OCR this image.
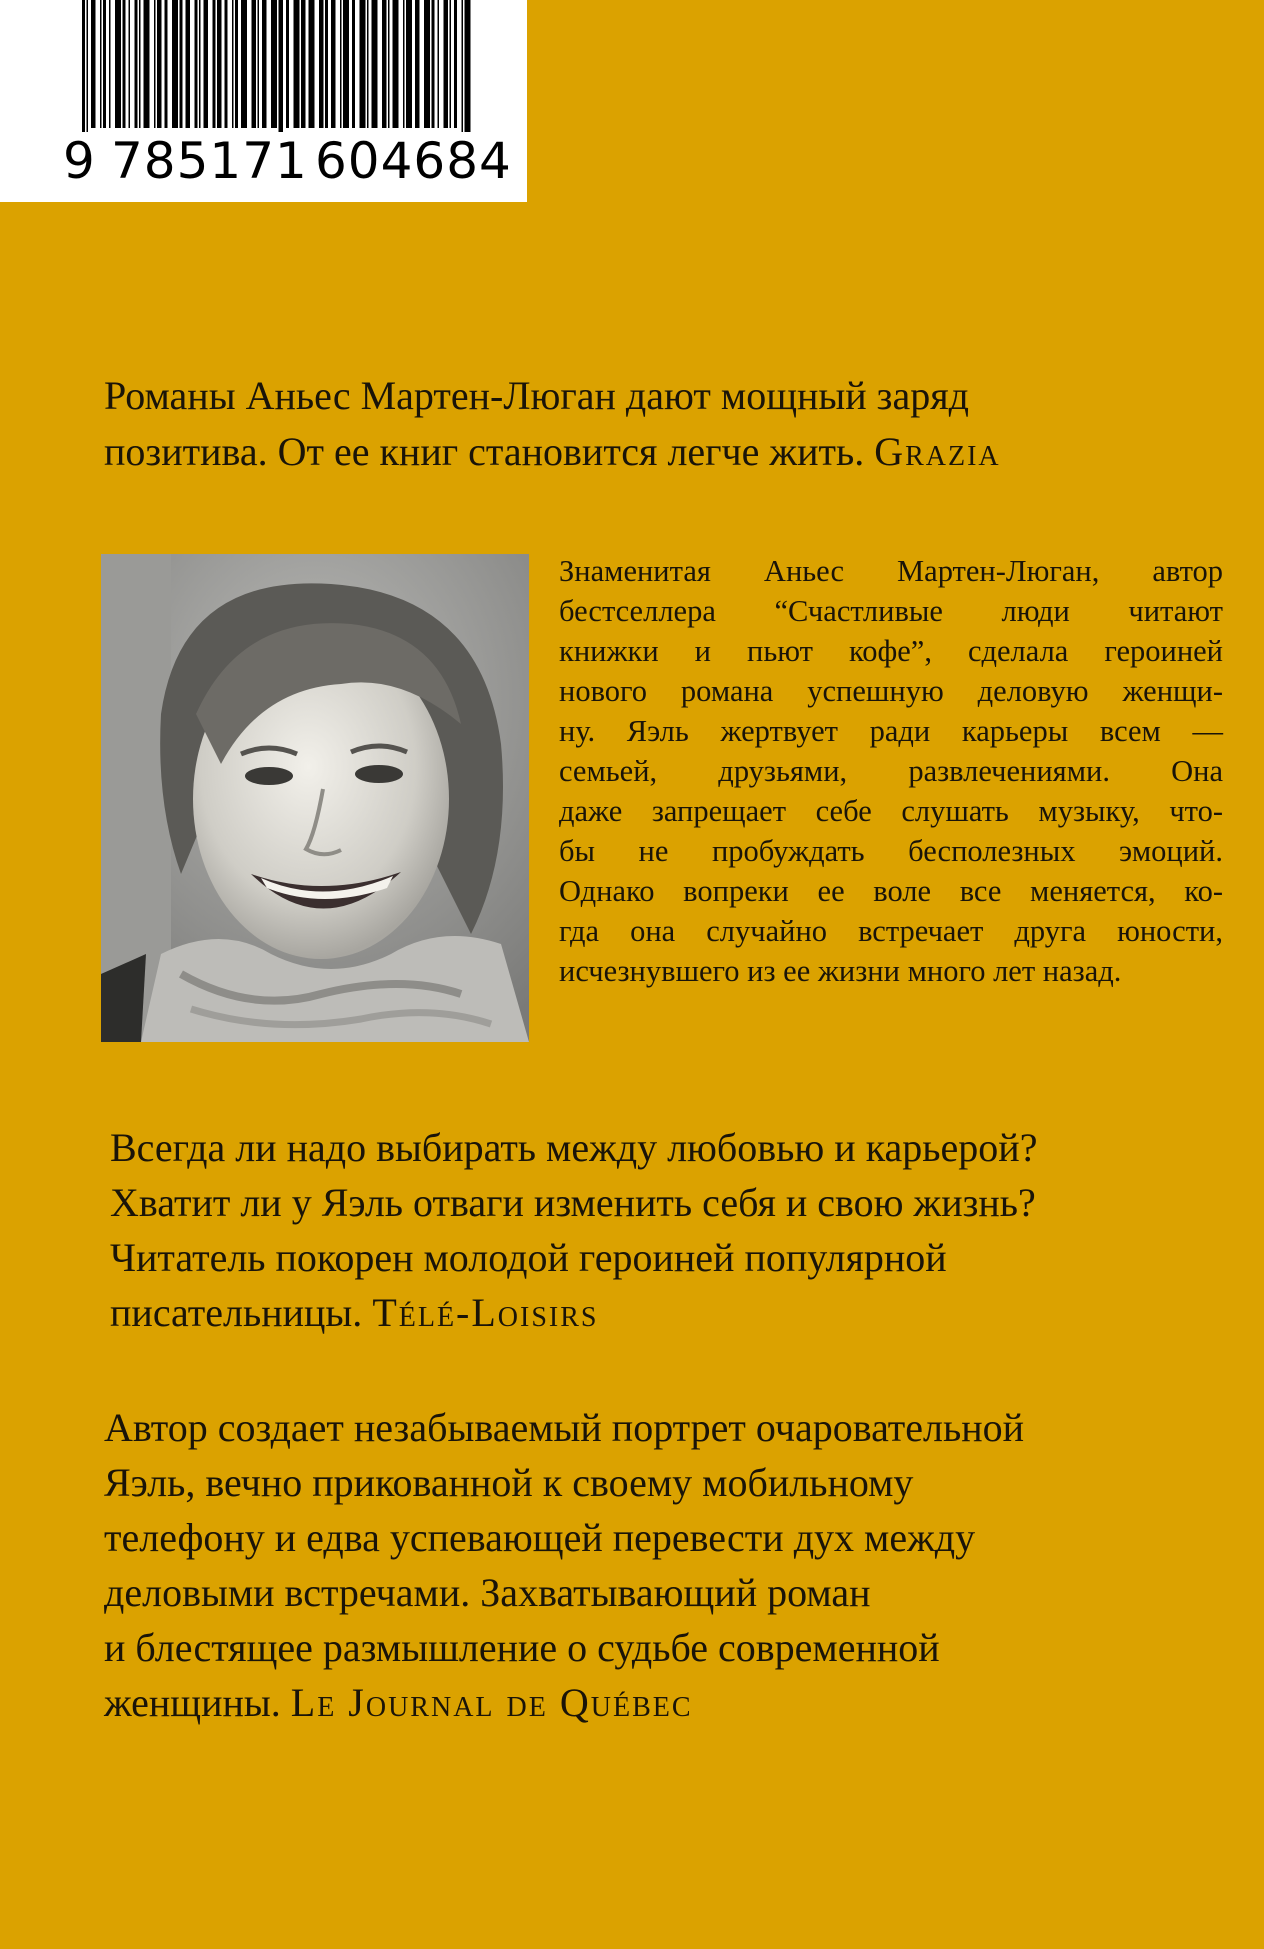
9 785171 604684
Романы Аньес Мартен-Люган дают мощный заряд
позитива. От ее книг становится легче жить. Grazia
Знаменитая Аньес Мартен-Люган, автор
бестселлера “Счастливые люди читают
книжки и пьют кофе”, сделала героиней
нового романа успешную деловую женщи-
ну. Яэль жертвует ради карьеры всем —
семьей, друзьями, развлечениями. Она
даже запрещает себе слушать музыку, что-
бы не пробуждать бесполезных эмоций.
Однако вопреки ее воле все меняется, ко-
гда она случайно встречает друга юности,
исчезнувшего из ее жизни много лет назад.
Всегда ли надо выбирать между любовью и карьерой?
Хватит ли у Яэль отваги изменить себя и свою жизнь?
Читатель покорен молодой героиней популярной
писательницы. Télé-Loisirs
Автор создает незабываемый портрет очаровательной
Яэль, вечно прикованной к своему мобильному
телефону и едва успевающей перевести дух между
деловыми встречами. Захватывающий роман
и блестящее размышление о судьбе современной
женщины. Le Journal de Québec
